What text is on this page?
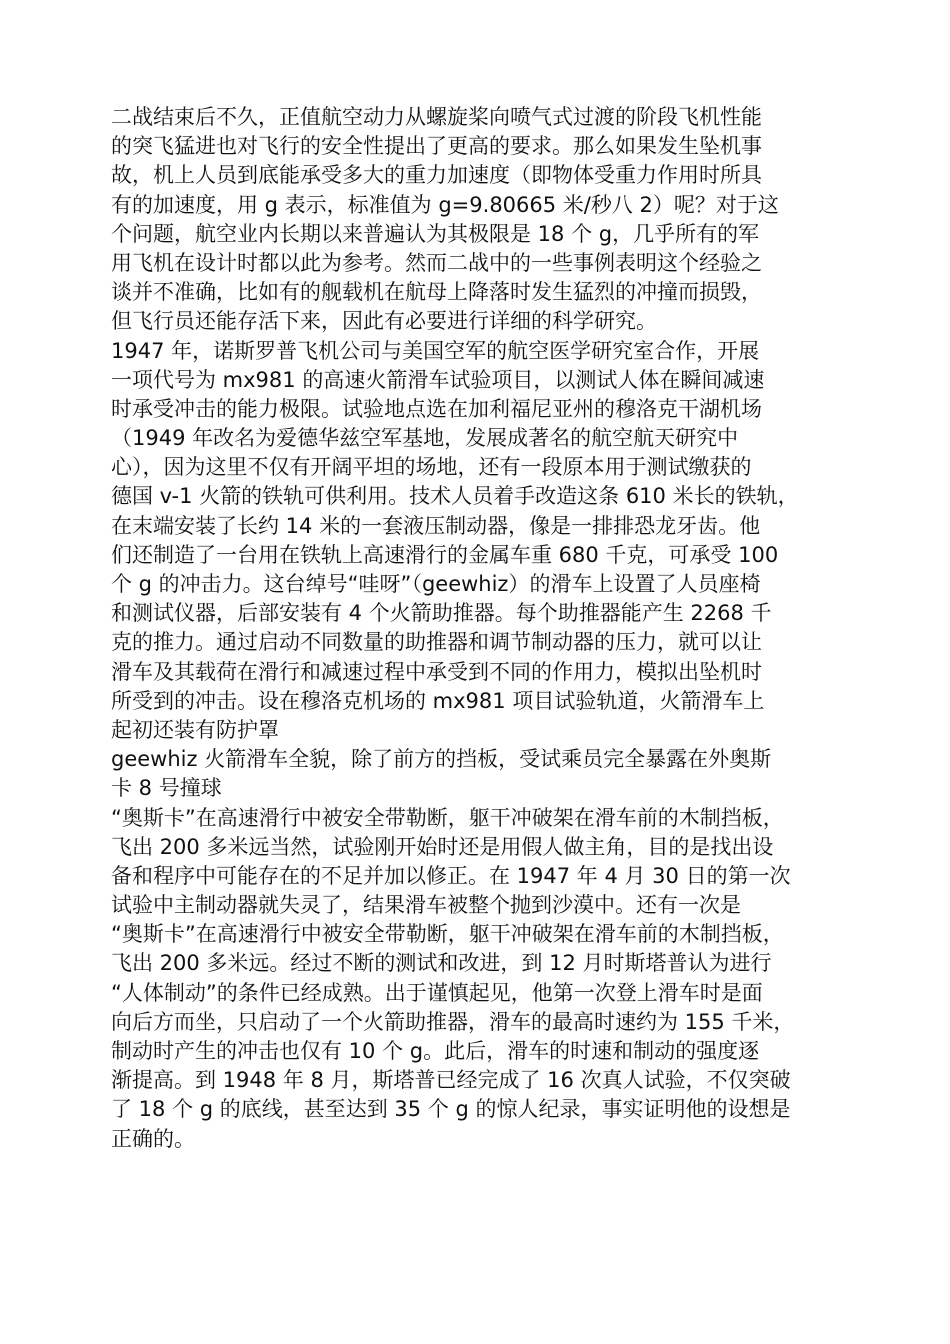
二战结束后不久，正值航空动力从螺旋桨向喷气式过渡的阶段飞机性能
的突飞猛进也对飞行的安全性提出了更高的要求。那么如果发生坠机事
故，机上人员到底能承受多大的重力加速度（即物体受重力作用时所具
有的加速度，用 g 表示，标准值为 g=9.80665 米/秒八 2）呢？对于这
个问题，航空业内长期以来普遍认为其极限是 18 个 g，几乎所有的军
用飞机在设计时都以此为参考。然而二战中的一些事例表明这个经验之
谈并不准确，比如有的舰载机在航母上降落时发生猛烈的冲撞而损毁，
但飞行员还能存活下来，因此有必要进行详细的科学研究。
1947 年，诺斯罗普飞机公司与美国空军的航空医学研究室合作，开展
一项代号为 mx981 的高速火箭滑车试验项目，以测试人体在瞬间减速
时承受冲击的能力极限。试验地点选在加利福尼亚州的穆洛克干湖机场
（1949 年改名为爱德华兹空军基地，发展成著名的航空航天研究中
心），因为这里不仅有开阔平坦的场地，还有一段原本用于测试缴获的
德国 v-1 火箭的铁轨可供利用。技术人员着手改造这条 610 米长的铁轨，
在末端安装了长约 14 米的一套液压制动器，像是一排排恐龙牙齿。他
们还制造了一台用在铁轨上高速滑行的金属车重 680 千克，可承受 100
个 g 的冲击力。这台绰号“哇呀”（geewhiz）的滑车上设置了人员座椅
和测试仪器，后部安装有 4 个火箭助推器。每个助推器能产生 2268 千
克的推力。通过启动不同数量的助推器和调节制动器的压力，就可以让
滑车及其载荷在滑行和减速过程中承受到不同的作用力，模拟出坠机时
所受到的冲击。设在穆洛克机场的 mx981 项目试验轨道，火箭滑车上
起初还装有防护罩
geewhiz 火箭滑车全貌，除了前方的挡板，受试乘员完全暴露在外奥斯
卡 8 号撞球
“奥斯卡”在高速滑行中被安全带勒断，躯干冲破架在滑车前的木制挡板，
飞出 200 多米远当然，试验刚开始时还是用假人做主角，目的是找出设
备和程序中可能存在的不足并加以修正。在 1947 年 4 月 30 日的第一次
试验中主制动器就失灵了，结果滑车被整个抛到沙漠中。还有一次是
“奥斯卡”在高速滑行中被安全带勒断，躯干冲破架在滑车前的木制挡板，
飞出 200 多米远。经过不断的测试和改进，到 12 月时斯塔普认为进行
“人体制动”的条件已经成熟。出于谨慎起见，他第一次登上滑车时是面
向后方而坐，只启动了一个火箭助推器，滑车的最高时速约为 155 千米，
制动时产生的冲击也仅有 10 个 g。此后，滑车的时速和制动的强度逐
渐提高。到 1948 年 8 月，斯塔普已经完成了 16 次真人试验，不仅突破
了 18 个 g 的底线，甚至达到 35 个 g 的惊人纪录，事实证明他的设想是
正确的。
